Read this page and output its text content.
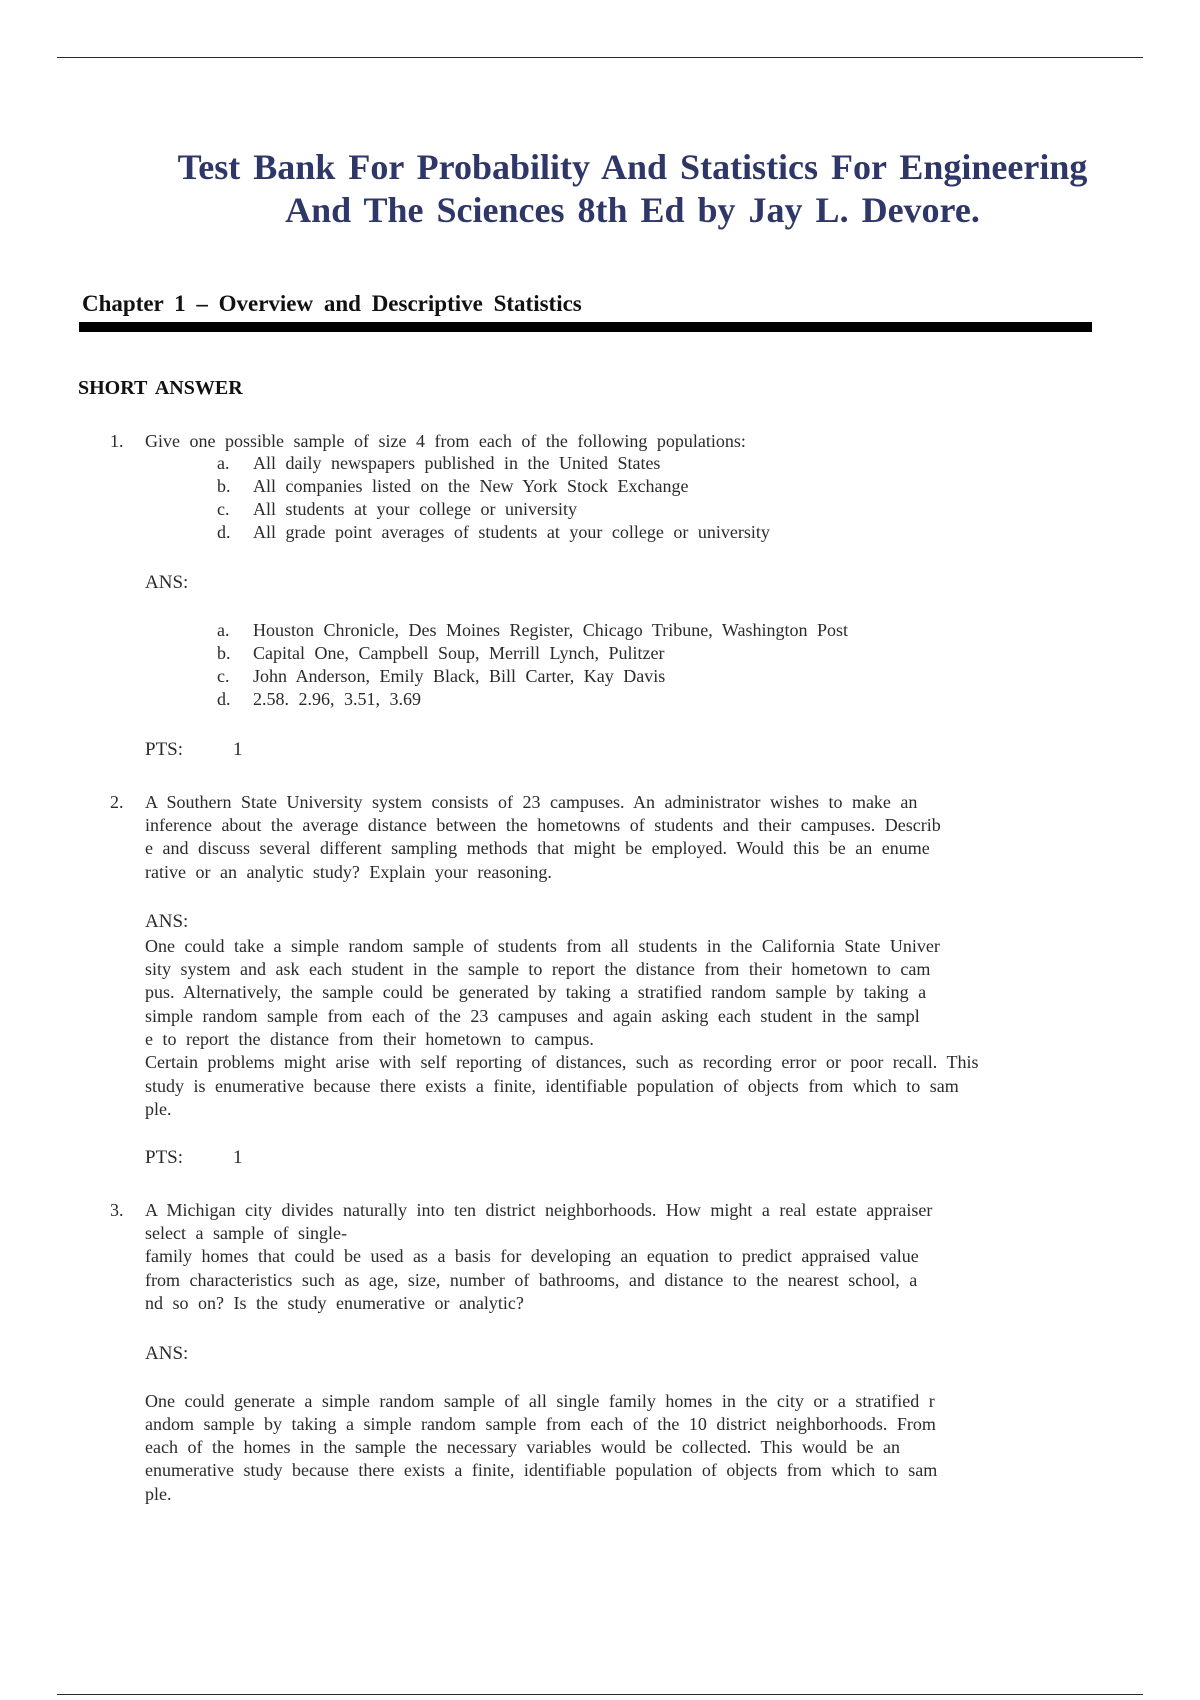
Test Bank For Probability And Statistics For Engineering
And The Sciences 8th Ed by Jay L. Devore.
Chapter 1 – Overview and Descriptive Statistics
SHORT ANSWER
1. Give one possible sample of size 4 from each of the following populations:
a. All daily newspapers published in the United States
b. All companies listed on the New York Stock Exchange
c. All students at your college or university
d. All grade point averages of students at your college or university
ANS:
a. Houston Chronicle, Des Moines Register, Chicago Tribune, Washington Post
b. Capital One, Campbell Soup, Merrill Lynch, Pulitzer
c. John Anderson, Emily Black, Bill Carter, Kay Davis
d. 2.58. 2.96, 3.51, 3.69
PTS:	1
2. A Southern State University system consists of 23 campuses. An administrator wishes to make an
inference about the average distance between the hometowns of students and their campuses. Describ
e and discuss several different sampling methods that might be employed. Would this be an enume
rative or an analytic study? Explain your reasoning.
ANS:
One could take a simple random sample of students from all students in the California State Univer
sity system and ask each student in the sample to report the distance from their hometown to cam
pus. Alternatively, the sample could be generated by taking a stratified random sample by taking a
simple random sample from each of the 23 campuses and again asking each student in the sampl
e to report the distance from their hometown to campus.
Certain problems might arise with self reporting of distances, such as recording error or poor recall. This
study is enumerative because there exists a finite, identifiable population of objects from which to sam
ple.
PTS:	1
3. A Michigan city divides naturally into ten district neighborhoods. How might a real estate appraiser
select a sample of single-
family homes that could be used as a basis for developing an equation to predict appraised value
from characteristics such as age, size, number of bathrooms, and distance to the nearest school, a
nd so on? Is the study enumerative or analytic?
ANS:
One could generate a simple random sample of all single family homes in the city or a stratified r
andom sample by taking a simple random sample from each of the 10 district neighborhoods. From
each of the homes in the sample the necessary variables would be collected. This would be an
enumerative study because there exists a finite, identifiable population of objects from which to sam
ple.
